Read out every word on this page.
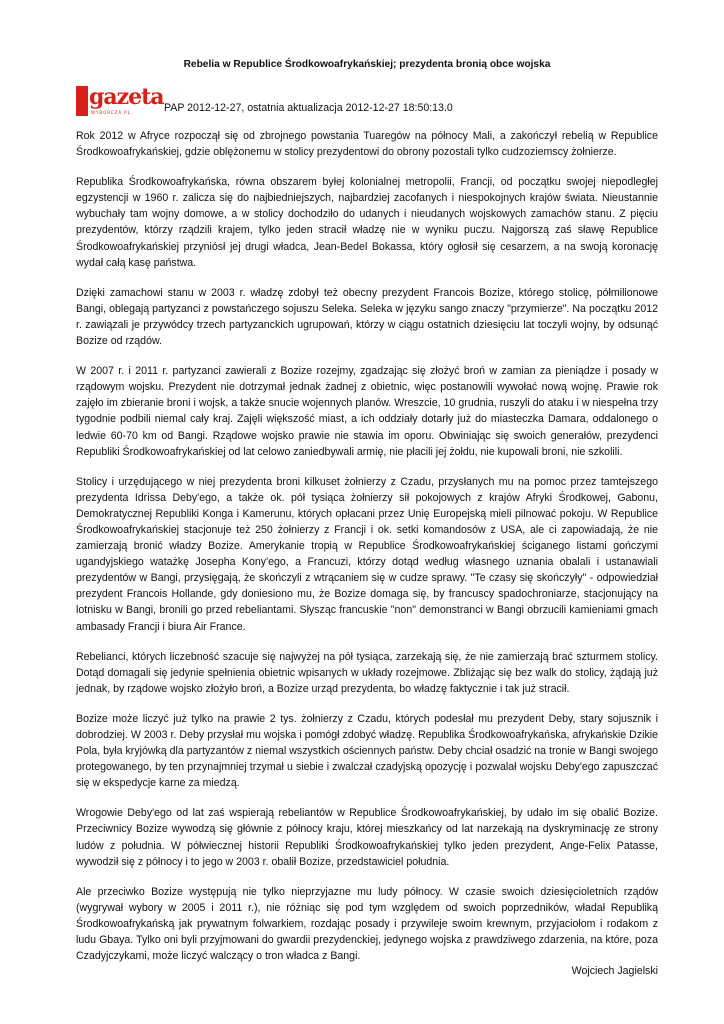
Rebelia w Republice Środkowoafrykańskiej; prezydenta bronią obce wojska
gazeta
WYBORCZA.PL	PAP 2012-12-27, ostatnia aktualizacja 2012-12-27 18:50:13.0

Rok 2012 w Afryce rozpoczął się od zbrojnego powstania Tuaregów na północy Mali, a zakończył rebelią w Republice Środkowoafrykańskiej, gdzie oblężonemu w stolicy prezydentowi do obrony pozostali tylko cudzoziemscy żołnierze.

Republika Środkowoafrykańska, równa obszarem byłej kolonialnej metropolii, Francji, od początku swojej niepodległej egzystencji w 1960 r. zalicza się do najbiedniejszych, najbardziej zacofanych i niespokojnych krajów świata. Nieustannie wybuchały tam wojny domowe, a w stolicy dochodziło do udanych i nieudanych wojskowych zamachów stanu. Z pięciu prezydentów, którzy rządzili krajem, tylko jeden stracił władzę nie w wyniku puczu. Najgorszą zaś sławę Republice Środkowoafrykańskiej przyniósł jej drugi władca, Jean-Bedel Bokassa, który ogłosił się cesarzem, a na swoją koronację wydał całą kasę państwa.

Dzięki zamachowi stanu w 2003 r. władzę zdobył też obecny prezydent Francois Bozize, którego stolicę, półmilionowe Bangi, oblegają partyzanci z powstańczego sojuszu Seleka. Seleka w języku sango znaczy "przymierze". Na początku 2012 r. zawiązali je przywódcy trzech partyzanckich ugrupowań, którzy w ciągu ostatnich dziesięciu lat toczyli wojny, by odsunąć Bozize od rządów.

W 2007 r. i 2011 r. partyzanci zawierali z Bozize rozejmy, zgadzając się złożyć broń w zamian za pieniądze i posady w rządowym wojsku. Prezydent nie dotrzymał jednak żadnej z obietnic, więc postanowili wywołać nową wojnę. Prawie rok zajęło im zbieranie broni i wojsk, a także snucie wojennych planów. Wreszcie, 10 grudnia, ruszyli do ataku i w niespełna trzy tygodnie podbili niemal cały kraj. Zajęli większość miast, a ich oddziały dotarły już do miasteczka Damara, oddalonego o ledwie 60-70 km od Bangi. Rządowe wojsko prawie nie stawia im oporu. Obwiniając się swoich generałów, prezydenci Republiki Środkowoafrykańskiej od lat celowo zaniedbywali armię, nie płacili jej żołdu, nie kupowali broni, nie szkolili.

Stolicy i urzędującego w niej prezydenta broni kilkuset żołnierzy z Czadu, przysłanych mu na pomoc przez tamtejszego prezydenta Idrissa Deby'ego, a także ok. pół tysiąca żołnierzy sił pokojowych z krajów Afryki Środkowej, Gabonu, Demokratycznej Republiki Konga i Kamerunu, których opłacani przez Unię Europejską mieli pilnować pokoju. W Republice Środkowoafrykańskiej stacjonuje też 250 żołnierzy z Francji i ok. setki komandosów z USA, ale ci zapowiadają, że nie zamierzają bronić władzy Bozize. Amerykanie tropią w Republice Środkowoafrykańskiej ściganego listami gończymi ugandyjskiego watażkę Josepha Kony'ego, a Francuzi, którzy dotąd według własnego uznania obalali i ustanawiali prezydentów w Bangi, przysięgają, że skończyli z wtrącaniem się w cudze sprawy. "Te czasy się skończyły" - odpowiedział prezydent Francois Hollande, gdy doniesiono mu, że Bozize domaga się, by francuscy spadochroniarze, stacjonujący na lotnisku w Bangi, bronili go przed rebeliantami. Słysząc francuskie "non" demonstranci w Bangi obrzucili kamieniami gmach ambasady Francji i biura Air France.

Rebelianci, których liczebność szacuje się najwyżej na pół tysiąca, zarzekają się, że nie zamierzają brać szturmem stolicy. Dotąd domagali się jedynie spełnienia obietnic wpisanych w układy rozejmowe. Zbliżając się bez walk do stolicy, żądają już jednak, by rządowe wojsko złożyło broń, a Bozize urząd prezydenta, bo władzę faktycznie i tak już stracił.

Bozize może liczyć już tylko na prawie 2 tys. żołnierzy z Czadu, których podesłał mu prezydent Deby, stary sojusznik i dobrodziej. W 2003 r. Deby przysłał mu wojska i pomógł zdobyć władzę. Republika Środkowoafrykańska, afrykańskie Dzikie Pola, była kryjówką dla partyzantów z niemal wszystkich ościennych państw. Deby chciał osadzić na tronie w Bangi swojego protegowanego, by ten przynajmniej trzymał u siebie i zwalczał czadyjską opozycję i pozwalał wojsku Deby'ego zapuszczać się w ekspedycje karne za miedzą.

Wrogowie Deby'ego od lat zaś wspierają rebeliantów w Republice Środkowoafrykańskiej, by udało im się obalić Bozize. Przeciwnicy Bozize wywodzą się głównie z północy kraju, której mieszkańcy od lat narzekają na dyskryminację ze strony ludów z południa. W półwiecznej historii Republiki Środkowoafrykańskiej tylko jeden prezydent, Ange-Felix Patasse, wywodził się z północy i to jego w 2003 r. obalił Bozize, przedstawiciel południa.

Ale przeciwko Bozize występują nie tylko nieprzyjazne mu ludy północy. W czasie swoich dziesięcioletnich rządów (wygrywał wybory w 2005 i 2011 r.), nie różniąc się pod tym względem od swoich poprzedników, władał Republiką Środkowoafrykańską jak prywatnym folwarkiem, rozdając posady i przywileje swoim krewnym, przyjaciołom i rodakom z ludu Gbaya. Tylko oni byli przyjmowani do gwardii prezydenckiej, jedynego wojska z prawdziwego zdarzenia, na które, poza Czadyjczykami, może liczyć walczący o tron władca z Bangi.

Wojciech Jagielski
